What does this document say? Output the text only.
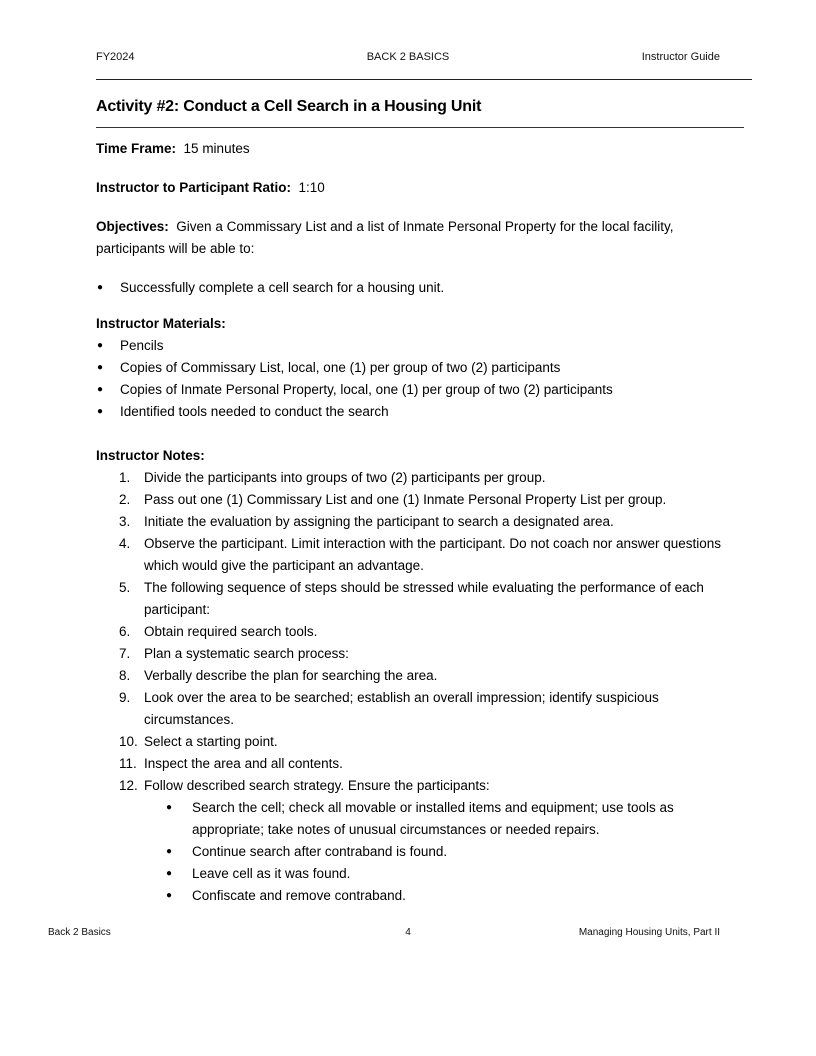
FY2024	BACK 2 BASICS	Instructor Guide
Activity #2: Conduct a Cell Search in a Housing Unit

Time Frame: 15 minutes

Instructor to Participant Ratio: 1:10

Objectives: Given a Commissary List and a list of Inmate Personal Property for the local facility, participants will be able to:

● Successfully complete a cell search for a housing unit.
Instructor Materials:
● Pencils
● Copies of Commissary List, local, one (1) per group of two (2) participants
● Copies of Inmate Personal Property, local, one (1) per group of two (2) participants
● Identified tools needed to conduct the search
Instructor Notes:
1. Divide the participants into groups of two (2) participants per group.
2. Pass out one (1) Commissary List and one (1) Inmate Personal Property List per group.
3. Initiate the evaluation by assigning the participant to search a designated area.
4. Observe the participant. Limit interaction with the participant. Do not coach nor answer questions which would give the participant an advantage.
5. The following sequence of steps should be stressed while evaluating the performance of each participant:
6. Obtain required search tools.
7. Plan a systematic search process:
8. Verbally describe the plan for searching the area.
9. Look over the area to be searched; establish an overall impression; identify suspicious circumstances.
10. Select a starting point.
11. Inspect the area and all contents.
12. Follow described search strategy. Ensure the participants:
● Search the cell; check all movable or installed items and equipment; use tools as appropriate; take notes of unusual circumstances or needed repairs.
● Continue search after contraband is found.
● Leave cell as it was found.
● Confiscate and remove contraband.
Back 2 Basics	4	Managing Housing Units, Part II
